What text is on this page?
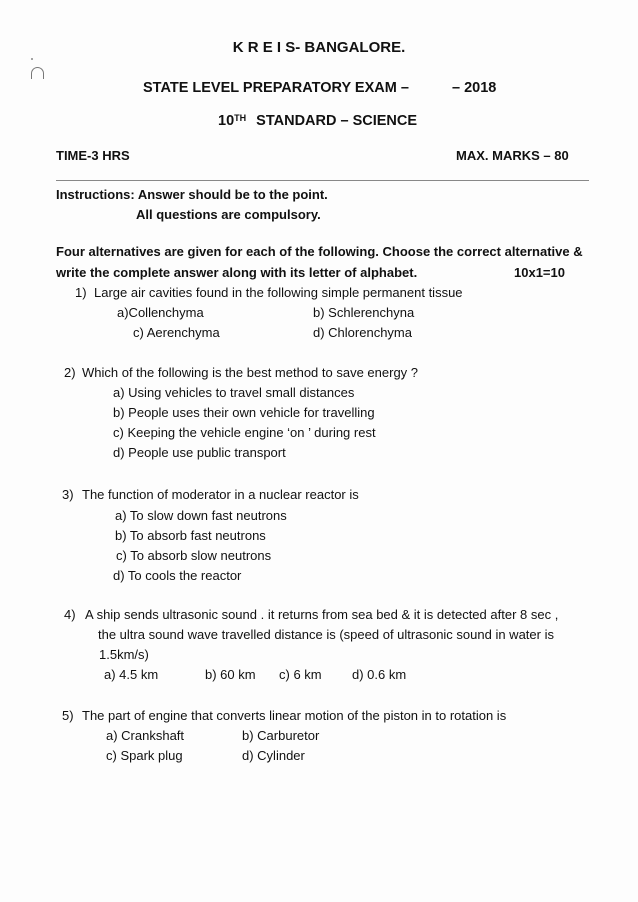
K R E I S- BANGALORE.
STATE LEVEL PREPARATORY EXAM –	– 2018
10TH STANDARD – SCIENCE
TIME-3 HRS	MAX. MARKS – 80
Instructions: Answer should be to the point.
All questions are compulsory.
Four alternatives are given for each of the following. Choose the correct alternative &
write the complete answer along with its letter of alphabet.	10x1=10
1) Large air cavities found in the following simple permanent tissue
a)Collenchyma	b) Schlerenchyna
c) Aerenchyma	d) Chlorenchyma
2) Which of the following is the best method to save energy ?
a) Using vehicles to travel small distances
b) People uses their own vehicle for travelling
c) Keeping the vehicle engine ‘on ’ during rest
d) People use public transport
3) The function of moderator in a nuclear reactor is
a) To slow down fast neutrons
b) To absorb fast neutrons
c) To absorb slow neutrons
d) To cools the reactor
4) A ship sends ultrasonic sound . it returns from sea bed & it is detected after 8 sec ,
the ultra sound wave travelled distance is (speed of ultrasonic sound in water is
1.5km/s)
a) 4.5 km	b) 60 km c) 6 km d) 0.6 km
5) The part of engine that converts linear motion of the piston in to rotation is
a) Crankshaft	b) Carburetor
c) Spark plug	d) Cylinder
